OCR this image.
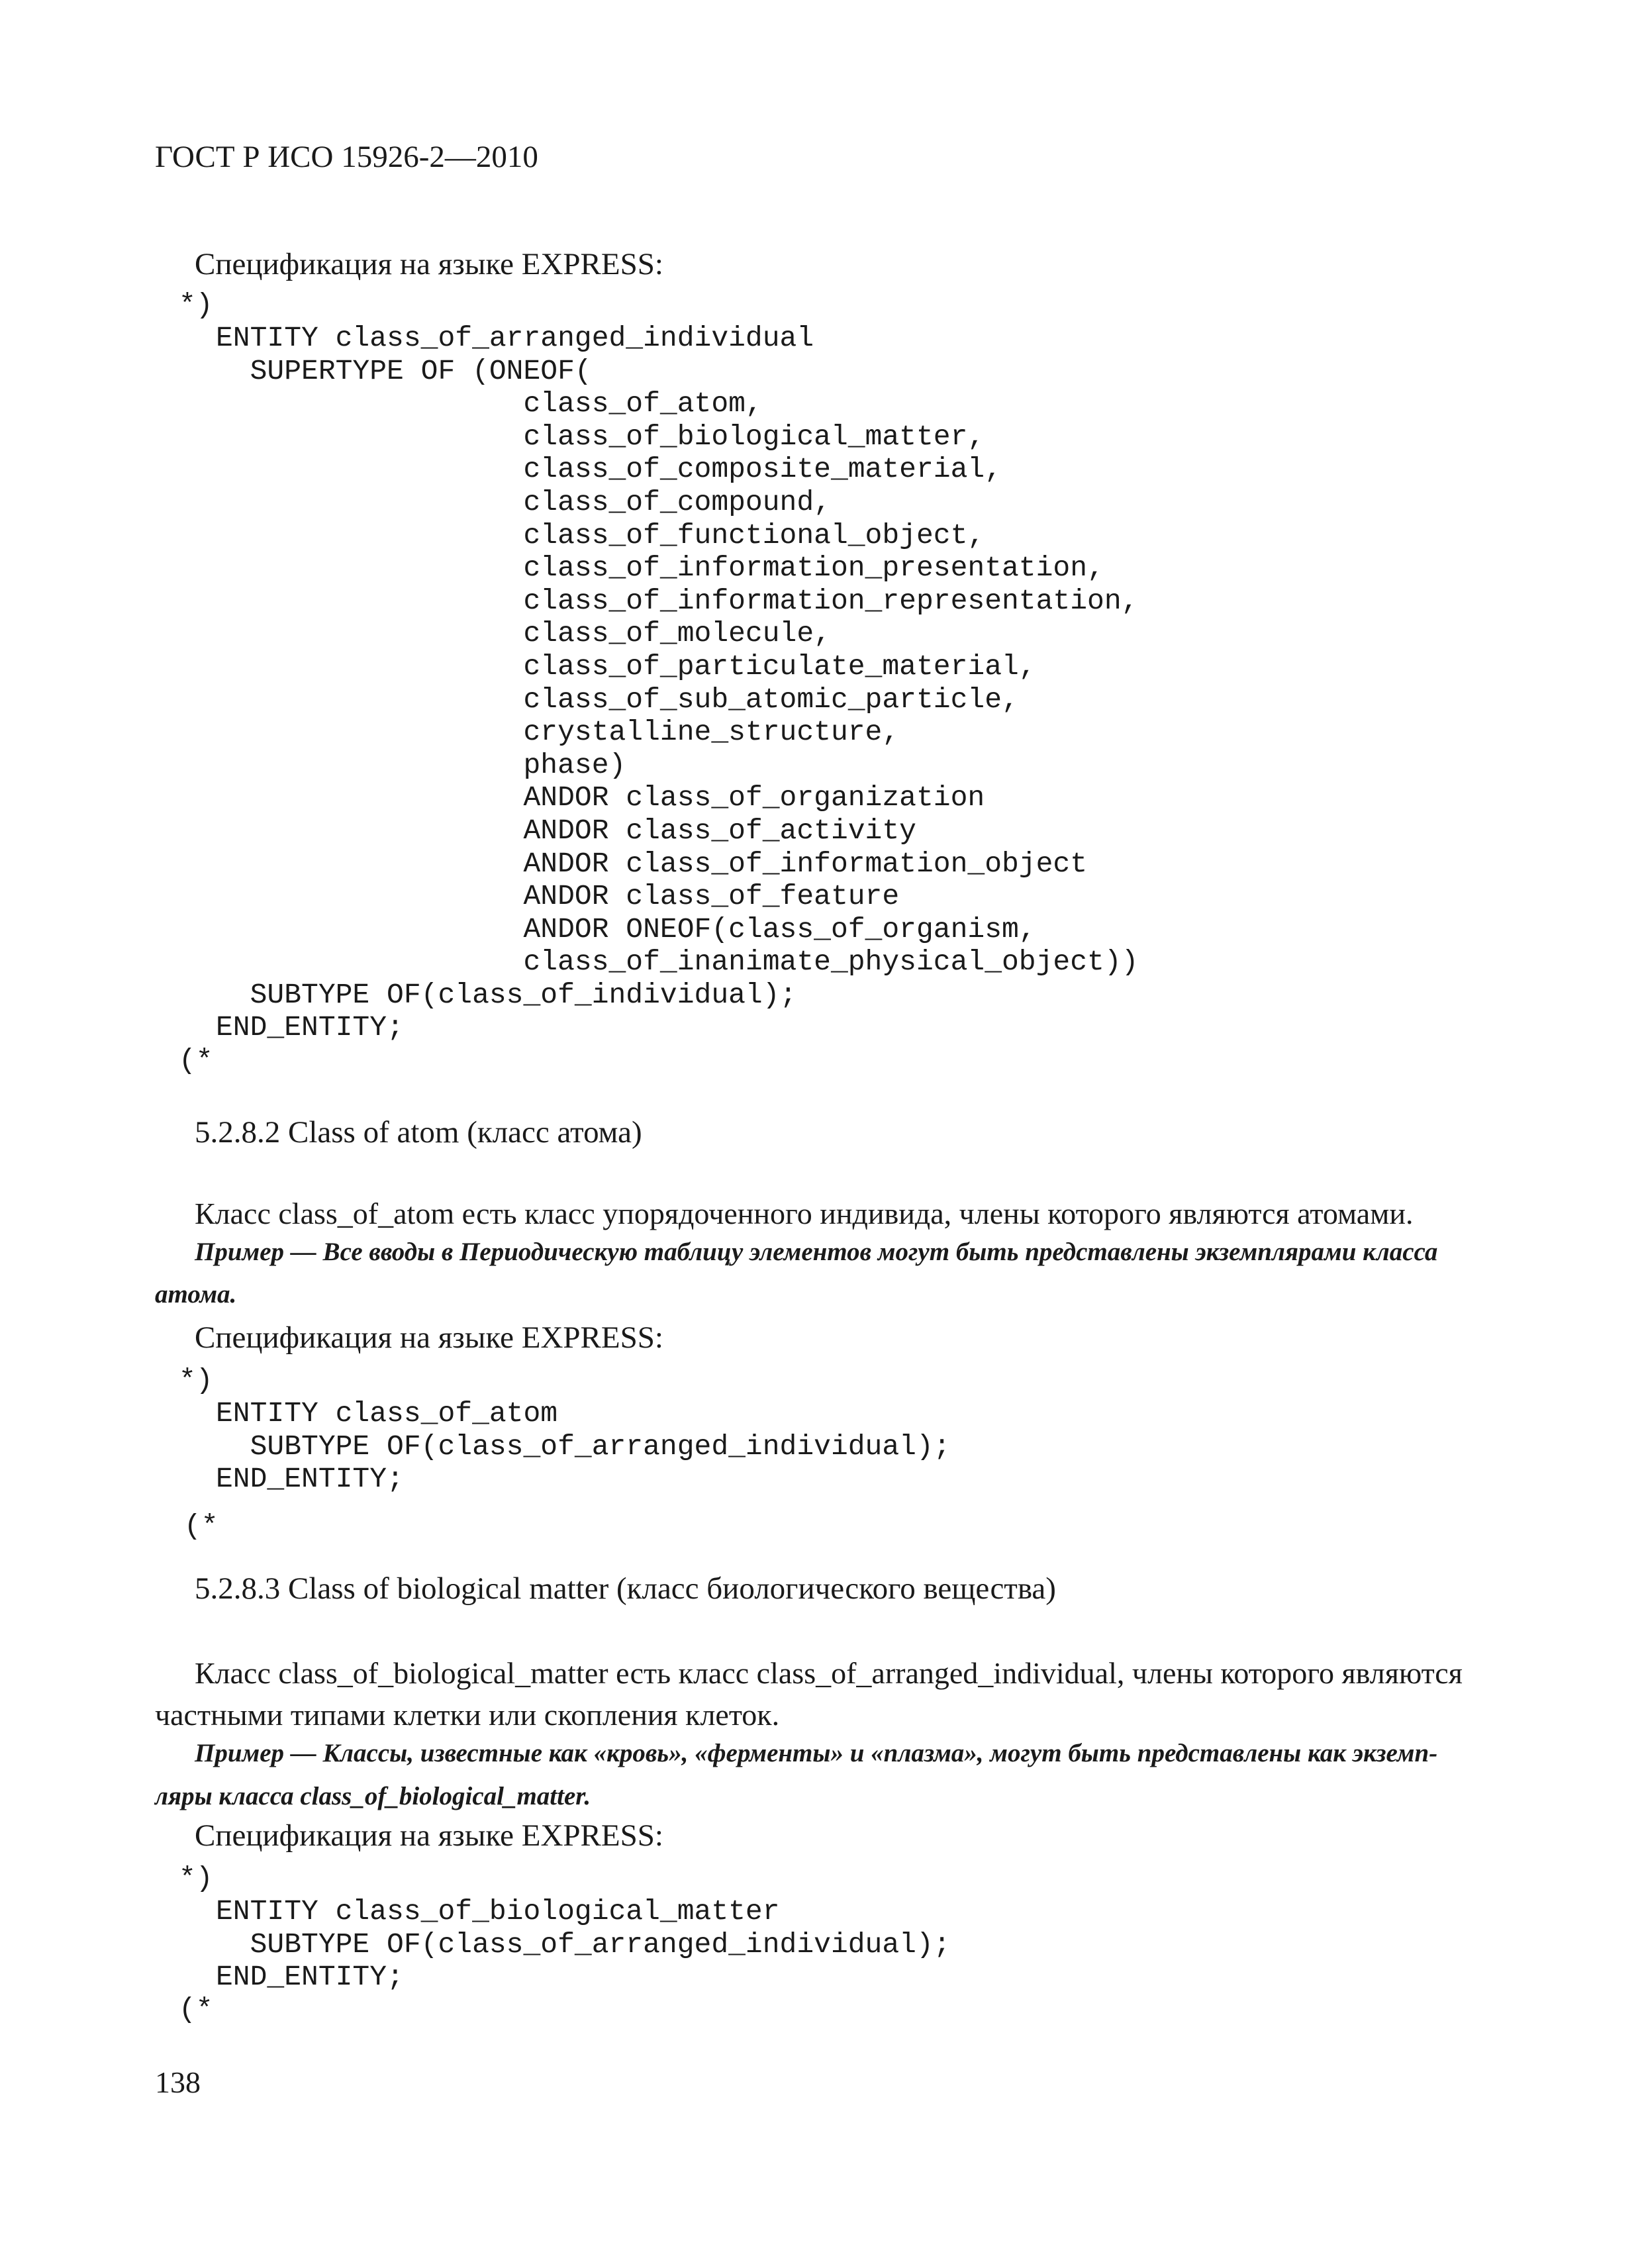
ГОСТ Р ИСО 15926-2—2010
Спецификация на языке EXPRESS:
*)
ENTITY class_of_arranged_individual
SUPERTYPE OF (ONEOF(
class_of_atom,
class_of_biological_matter,
class_of_composite_material,
class_of_compound,
class_of_functional_object,
class_of_information_presentation,
class_of_information_representation,
class_of_molecule,
class_of_particulate_material,
class_of_sub_atomic_particle,
crystalline_structure,
phase)
ANDOR class_of_organization
ANDOR class_of_activity
ANDOR class_of_information_object
ANDOR class_of_feature
ANDOR ONEOF(class_of_organism,
class_of_inanimate_physical_object))
SUBTYPE OF(class_of_individual);
END_ENTITY;
(*
5.2.8.2 Class of atom (класс атома)
Класс class_of_atom есть класс упорядоченного индивида, члены которого являются атомами.
Пример — Все вводы в Периодическую таблицу элементов могут быть представлены экземплярами класса
атома.
Спецификация на языке EXPRESS:
*)
ENTITY class_of_atom
SUBTYPE OF(class_of_arranged_individual);
END_ENTITY;
(*
5.2.8.3 Class of biological matter (класс биологического вещества)
Класс class_of_biological_matter есть класс class_of_arranged_individual, члены которого являются
частными типами клетки или скопления клеток.
Пример — Классы, известные как «кровь», «ферменты» и «плазма», могут быть представлены как экземп-
ляры класса class_of_biological_matter.
Спецификация на языке EXPRESS:
*)
ENTITY class_of_biological_matter
SUBTYPE OF(class_of_arranged_individual);
END_ENTITY;
(*
138
